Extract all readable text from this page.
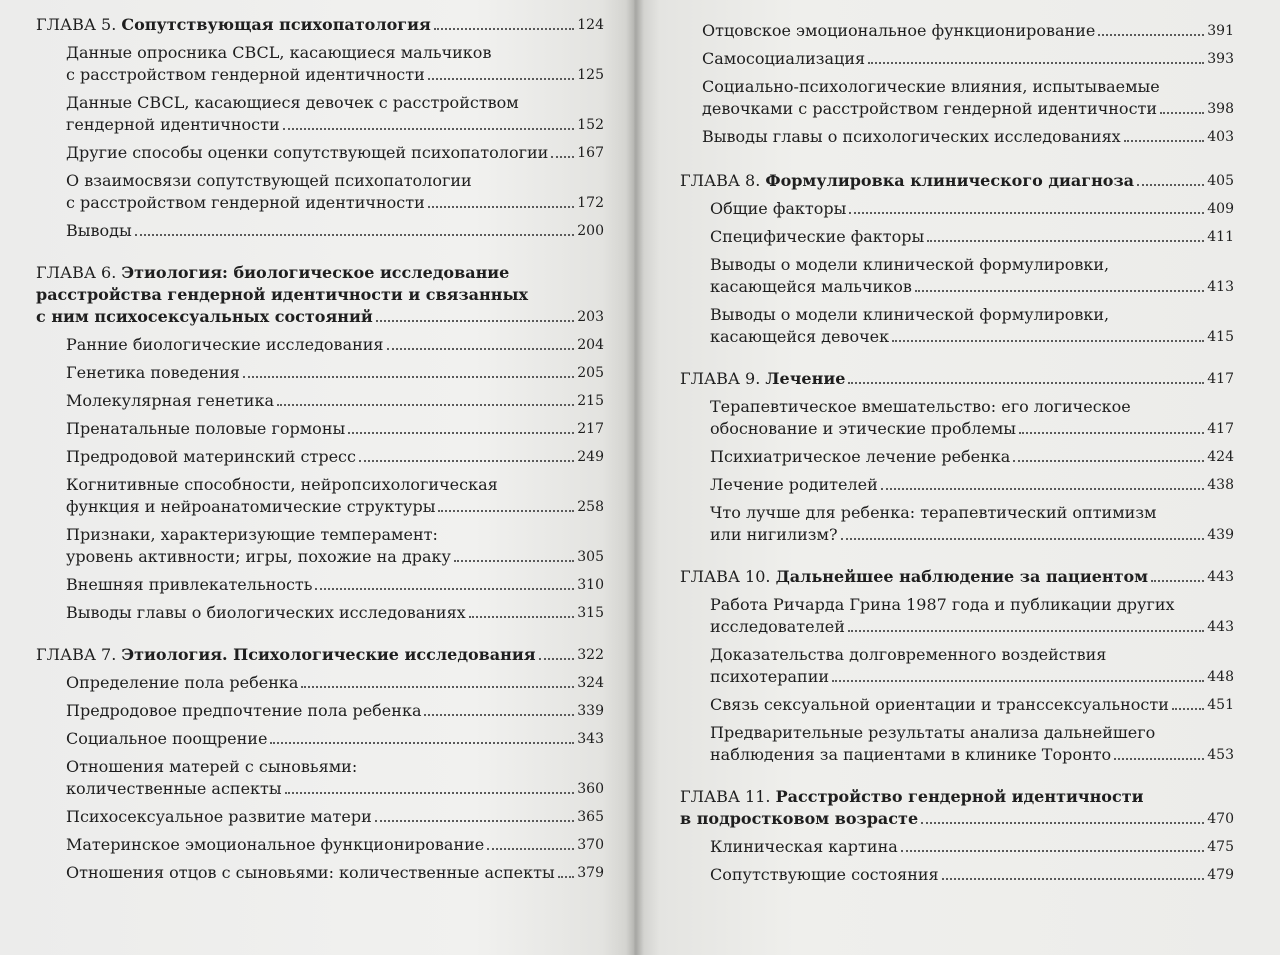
ГЛАВА 5. Сопутствующая психопатология	124
Данные опросника CBCL, касающиеся мальчиков
с расстройством гендерной идентичности	125
Данные CBCL, касающиеся девочек с расстройством
гендерной идентичности	152
Другие способы оценки сопутствующей психопатологии 167
О взаимосвязи сопутствующей психопатологии
с расстройством гендерной идентичности	172
Выводы	200
ГЛАВА 6. Этиология: биологическое исследование
расстройства гендерной идентичности и связанных
с ним психосексуальных состояний	203
Ранние биологические исследования	204
Генетика поведения	205
Молекулярная генетика	215
Пренатальные половые гормоны	217
Предродовой материнский стресс	249
Когнитивные способности, нейропсихологическая
функция и нейроанатомические структуры	258
Признаки, характеризующие темперамент:
уровень активности; игры, похожие на драку	305
Внешняя привлекательность	310
Выводы главы о биологических исследованиях	315
ГЛАВА 7. Этиология. Психологические исследования	322
Определение пола ребенка	324
Предродовое предпочтение пола ребенка	339
Социальное поощрение	343
Отношения матерей с сыновьями:
количественные аспекты	360
Психосексуальное развитие матери	365
Материнское эмоциональное функционирование	370
Отношения отцов с сыновьями: количественные аспекты 379
Отцовское эмоциональное функционирование	391
Самосоциализация	393
Социально-психологические влияния, испытываемые
девочками с расстройством гендерной идентичности	398
Выводы главы о психологических исследованиях	403
ГЛАВА 8. Формулировка клинического диагноза	405
Общие факторы	409
Специфические факторы	411
Выводы о модели клинической формулировки,
касающейся мальчиков	413
Выводы о модели клинической формулировки,
касающейся девочек	415
ГЛАВА 9. Лечение	417
Терапевтическое вмешательство: его логическое
обоснование и этические проблемы	417
Психиатрическое лечение ребенка	424
Лечение родителей	438
Что лучше для ребенка: терапевтический оптимизм
или нигилизм?	439
ГЛАВА 10. Дальнейшее наблюдение за пациентом	443
Работа Ричарда Грина 1987 года и публикации других
исследователей	443
Доказательства долговременного воздействия
психотерапии	448
Связь сексуальной ориентации и транссексуальности	451
Предварительные результаты анализа дальнейшего
наблюдения за пациентами в клинике Торонто	453
ГЛАВА 11. Расстройство гендерной идентичности
в подростковом возрасте	470
Клиническая картина	475
Сопутствующие состояния	479
